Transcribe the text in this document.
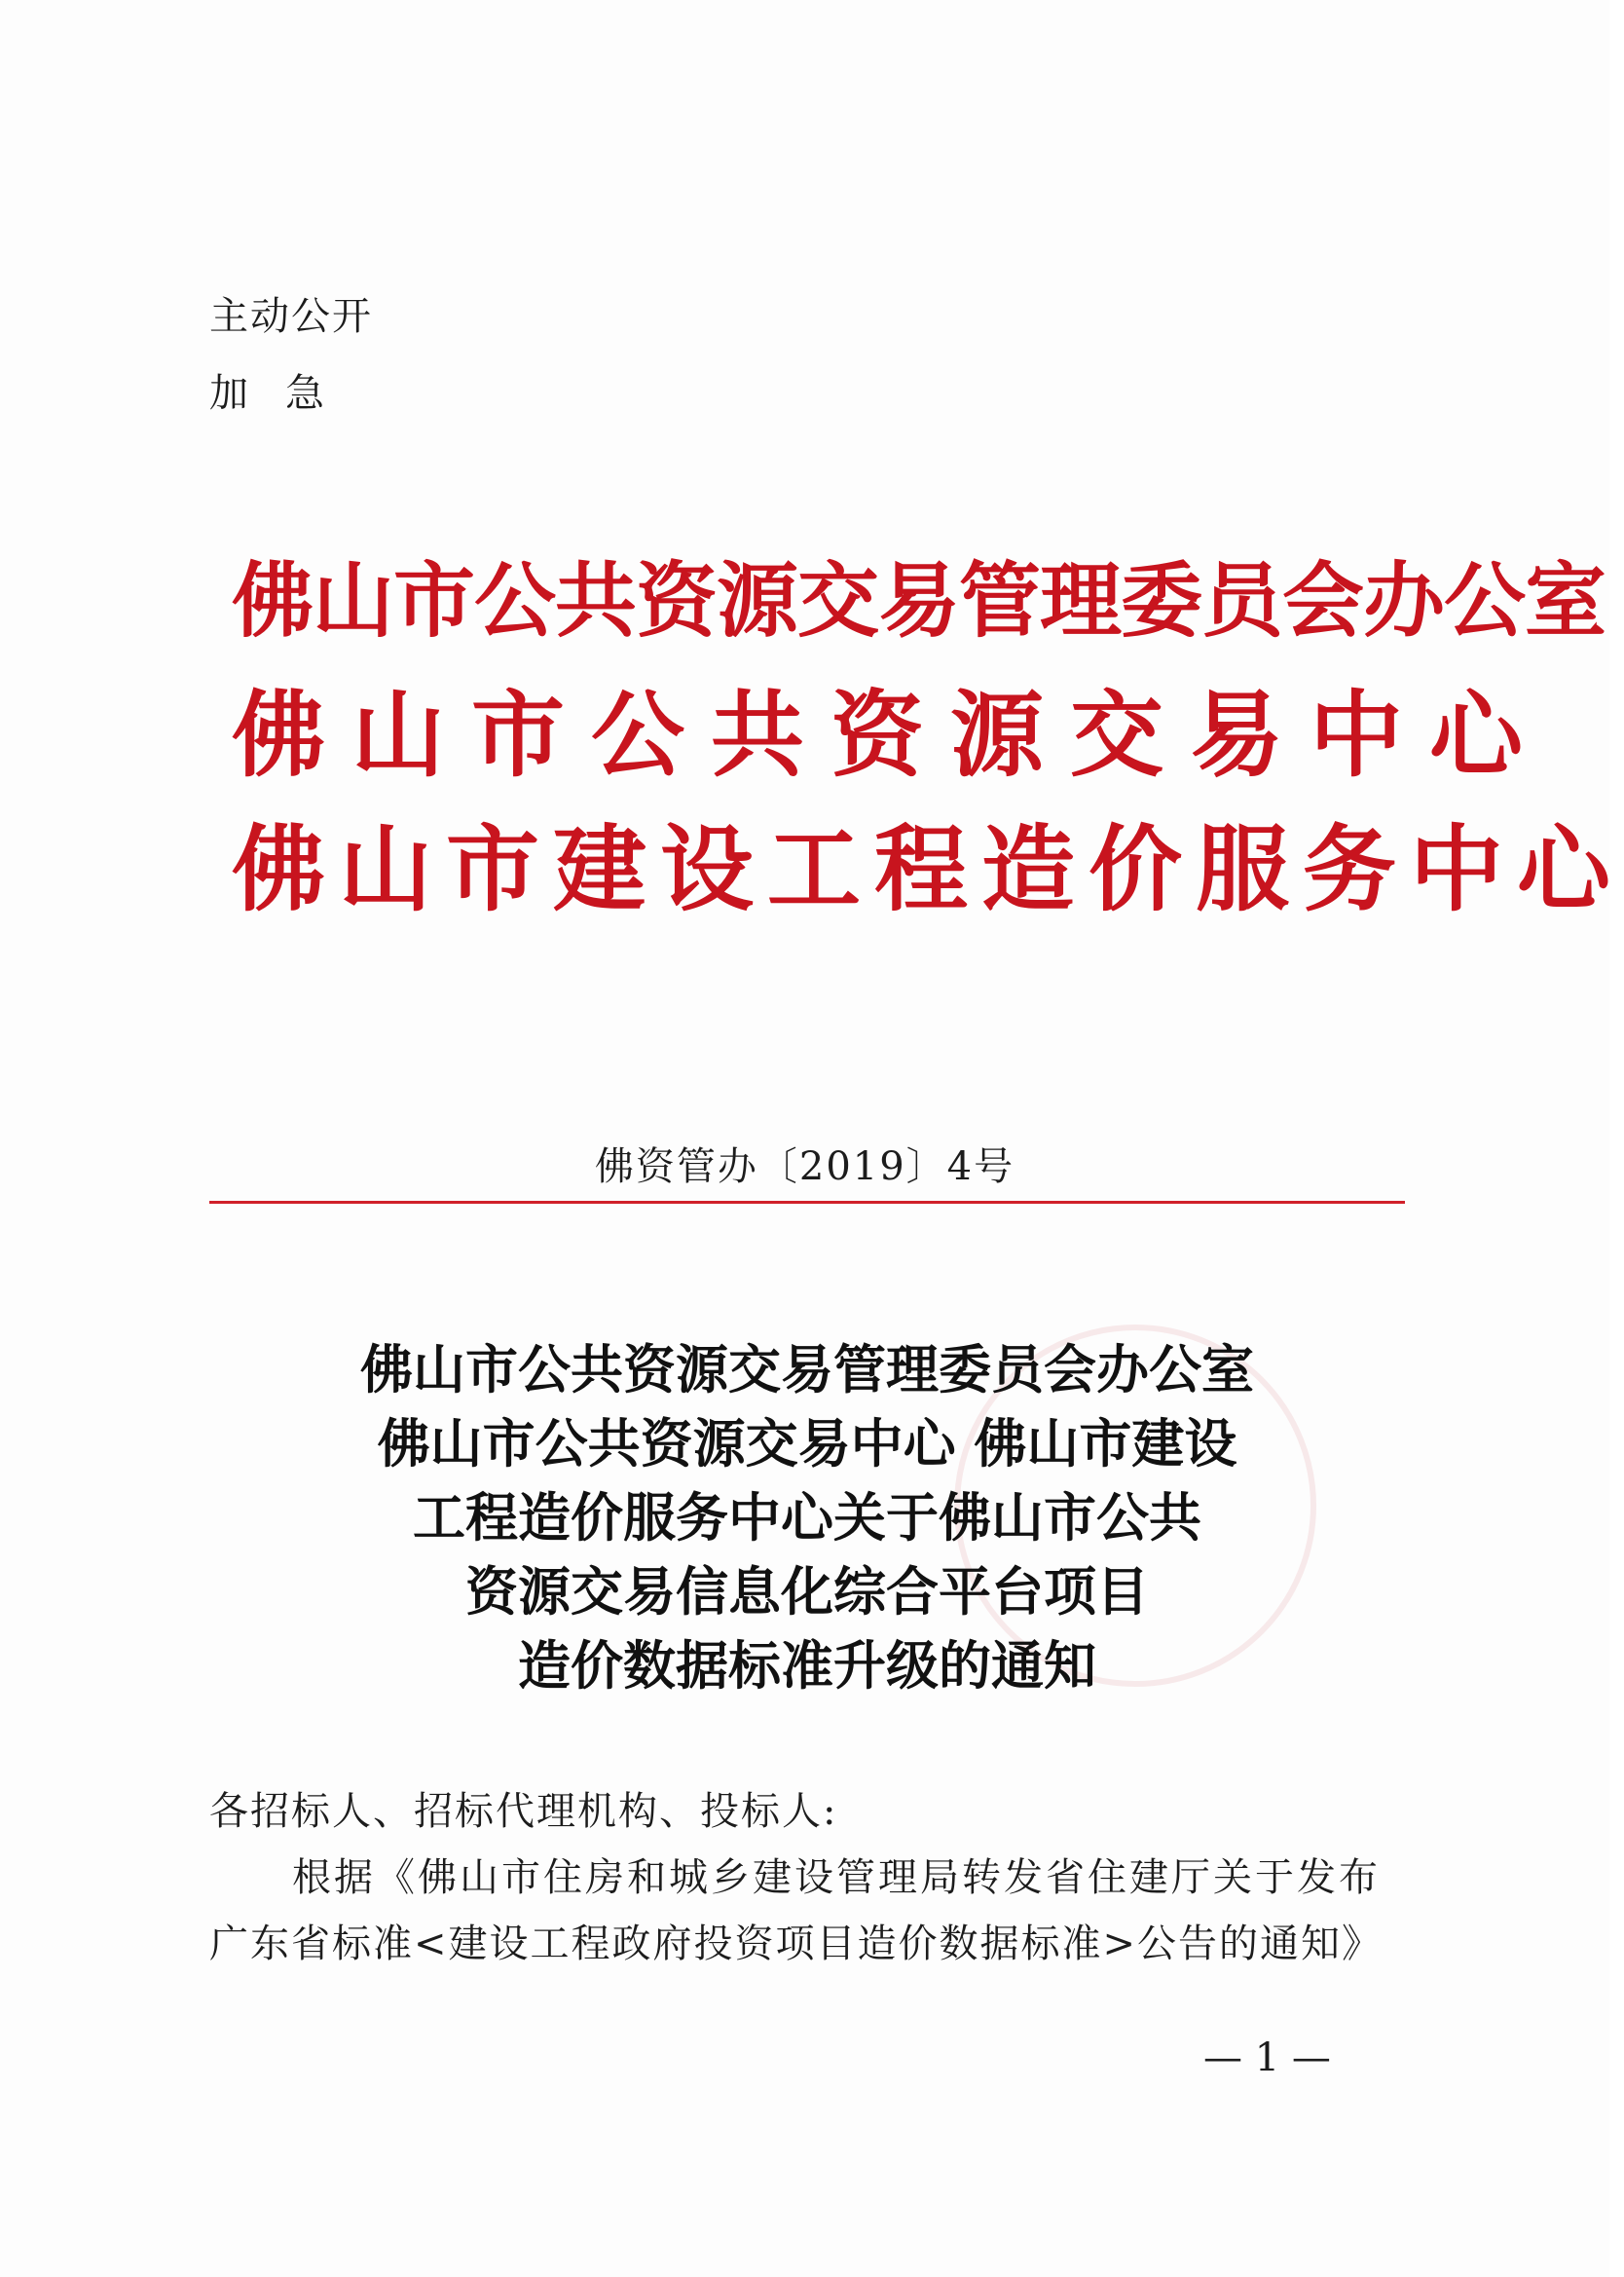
主动公开
加急
佛山市公共资源交易管理委员会办公室
佛山市公共资源交易中心
佛山市建设工程造价服务中心
佛资管办〔2019〕4号
佛山市公共资源交易管理委员会办公室
佛山市公共资源交易中心 佛山市建设
工程造价服务中心关于佛山市公共
资源交易信息化综合平台项目
造价数据标准升级的通知
各招标人、招标代理机构、投标人:
根据《佛山市住房和城乡建设管理局转发省住建厅关于发布
广东省标准<建设工程政府投资项目造价数据标准>公告的通知》
— 1 —
